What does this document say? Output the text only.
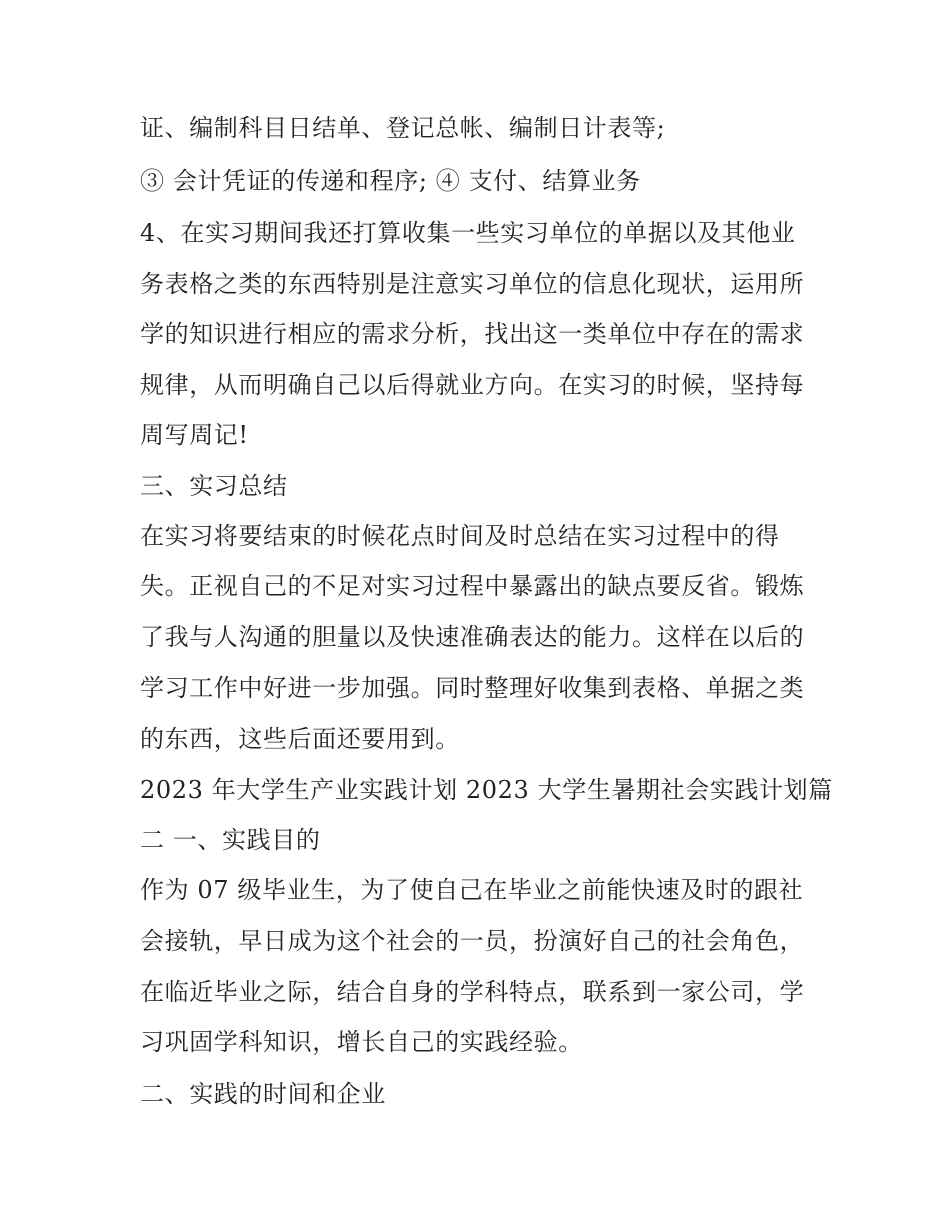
证、编制科目日结单、登记总帐、编制日计表等;
③ 会计凭证的传递和程序; ④ 支付、结算业务
4、在实习期间我还打算收集一些实习单位的单据以及其他业
务表格之类的东西特别是注意实习单位的信息化现状，运用所
学的知识进行相应的需求分析，找出这一类单位中存在的需求
规律，从而明确自己以后得就业方向。在实习的时候，坚持每
周写周记!
三、实习总结
在实习将要结束的时候花点时间及时总结在实习过程中的得
失。正视自己的不足对实习过程中暴露出的缺点要反省。锻炼
了我与人沟通的胆量以及快速准确表达的能力。这样在以后的
学习工作中好进一步加强。同时整理好收集到表格、单据之类
的东西，这些后面还要用到。
2023 年大学生产业实践计划 2023 大学生暑期社会实践计划篇
二 一、实践目的
作为 07 级毕业生，为了使自己在毕业之前能快速及时的跟社
会接轨，早日成为这个社会的一员，扮演好自己的社会角色，
在临近毕业之际，结合自身的学科特点，联系到一家公司，学
习巩固学科知识，增长自己的实践经验。
二、实践的时间和企业
